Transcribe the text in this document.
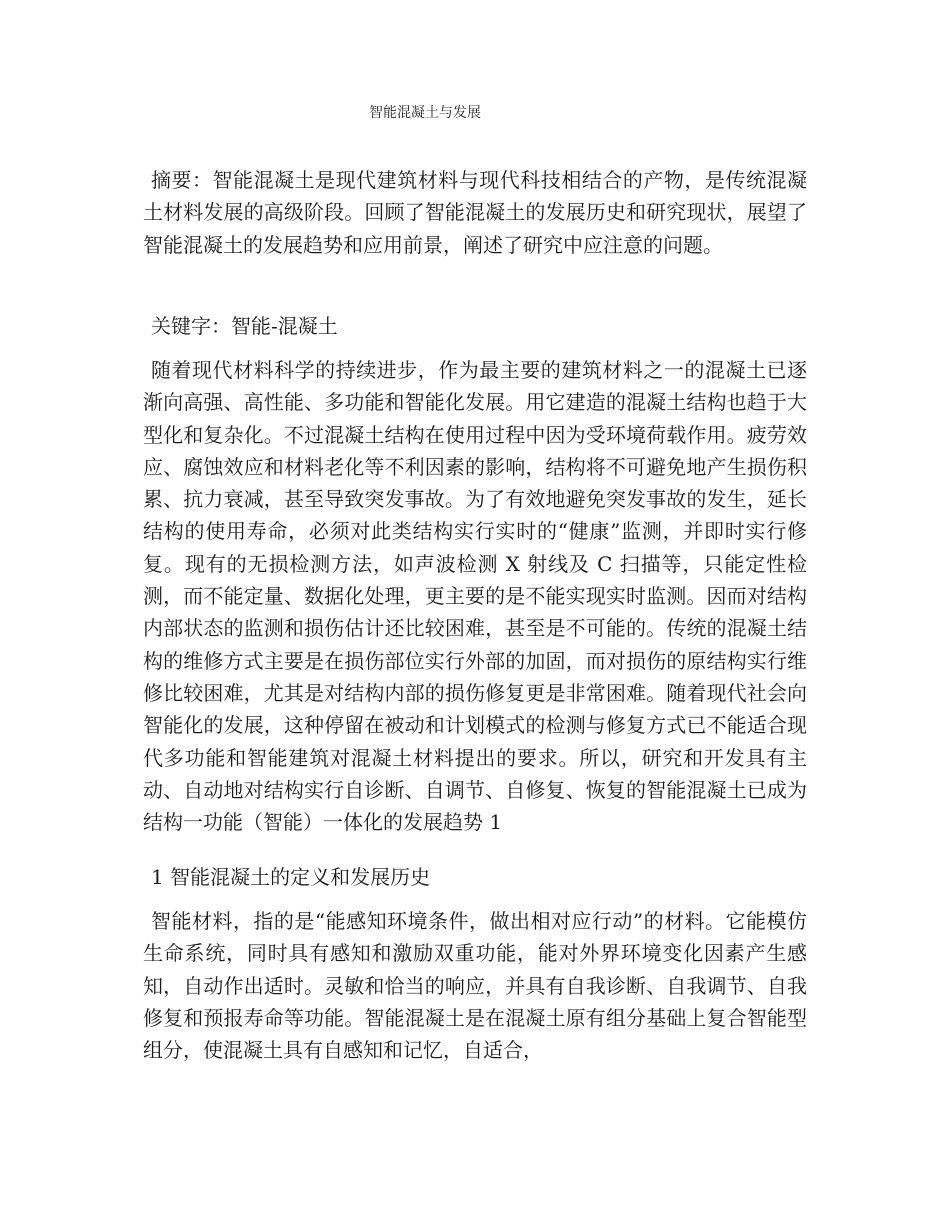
智能混凝土与发展

摘要：智能混凝土是现代建筑材料与现代科技相结合的产物，是传统混凝土材料发展的高级阶段。回顾了智能混凝土的发展历史和研究现状，展望了智能混凝土的发展趋势和应用前景，阐述了研究中应注意的问题。

关键字：智能-混凝土

随着现代材料科学的持续进步，作为最主要的建筑材料之一的混凝土已逐渐向高强、高性能、多功能和智能化发展。用它建造的混凝土结构也趋于大型化和复杂化。不过混凝土结构在使用过程中因为受环境荷载作用。疲劳效应、腐蚀效应和材料老化等不利因素的影响，结构将不可避免地产生损伤积累、抗力衰减，甚至导致突发事故。为了有效地避免突发事故的发生，延长结构的使用寿命，必须对此类结构实行实时的“健康”监测，并即时实行修复。现有的无损检测方法，如声波检测 X 射线及 C 扫描等，只能定性检测，而不能定量、数据化处理，更主要的是不能实现实时监测。因而对结构内部状态的监测和损伤估计还比较困难，甚至是不可能的。传统的混凝土结构的维修方式主要是在损伤部位实行外部的加固，而对损伤的原结构实行维修比较困难，尤其是对结构内部的损伤修复更是非常困难。随着现代社会向智能化的发展，这种停留在被动和计划模式的检测与修复方式已不能适合现代多功能和智能建筑对混凝土材料提出的要求。所以，研究和开发具有主动、自动地对结构实行自诊断、自调节、自修复、恢复的智能混凝土已成为结构一功能（智能）一体化的发展趋势 1

1 智能混凝土的定义和发展历史

智能材料，指的是“能感知环境条件，做出相对应行动”的材料。它能模仿生命系统，同时具有感知和激励双重功能，能对外界环境变化因素产生感知，自动作出适时。灵敏和恰当的响应，并具有自我诊断、自我调节、自我修复和预报寿命等功能。智能混凝土是在混凝土原有组分基础上复合智能型组分，使混凝土具有自感知和记忆，自适合，
